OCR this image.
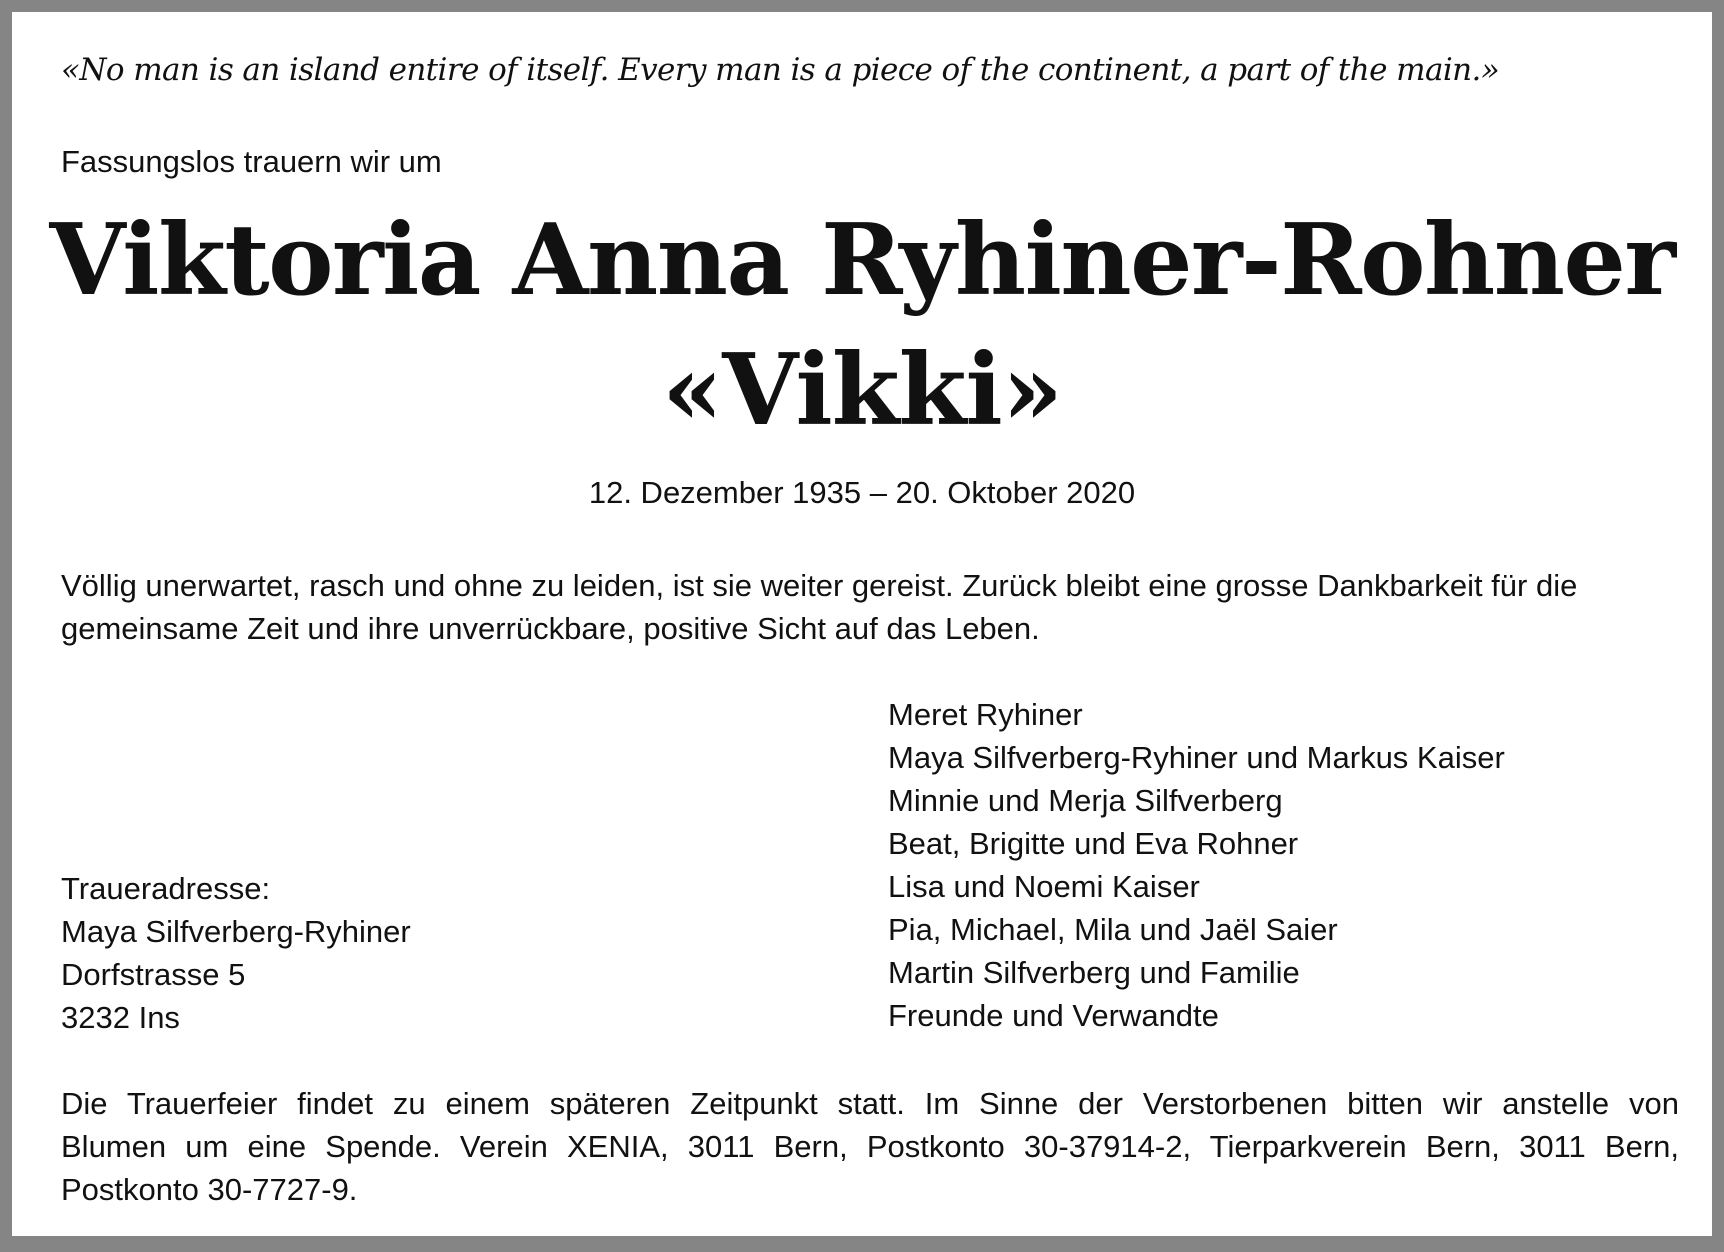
«No man is an island entire of itself. Every man is a piece of the continent, a part of the main.»

Fassungslos trauern wir um

Viktoria Anna Ryhiner-Rohner
«Vikki»

12. Dezember 1935 – 20. Oktober 2020

Völlig unerwartet, rasch und ohne zu leiden, ist sie weiter gereist. Zurück bleibt eine grosse Dankbarkeit für die
gemeinsame Zeit und ihre unverrückbare, positive Sicht auf das Leben.

Meret Ryhiner
Maya Silfverberg-Ryhiner und Markus Kaiser
Minnie und Merja Silfverberg
Beat, Brigitte und Eva Rohner
Lisa und Noemi Kaiser
Pia, Michael, Mila und Jaël Saier
Martin Silfverberg und Familie
Freunde und Verwandte
Traueradresse:
Maya Silfverberg-Ryhiner
Dorfstrasse 5
3232 Ins

Die Trauerfeier findet zu einem späteren Zeitpunkt statt. Im Sinne der Verstorbenen bitten wir anstelle von
Blumen um eine Spende. Verein XENIA, 3011 Bern, Postkonto 30-37914-2, Tierparkverein Bern, 3011 Bern,
Postkonto 30-7727-9.
